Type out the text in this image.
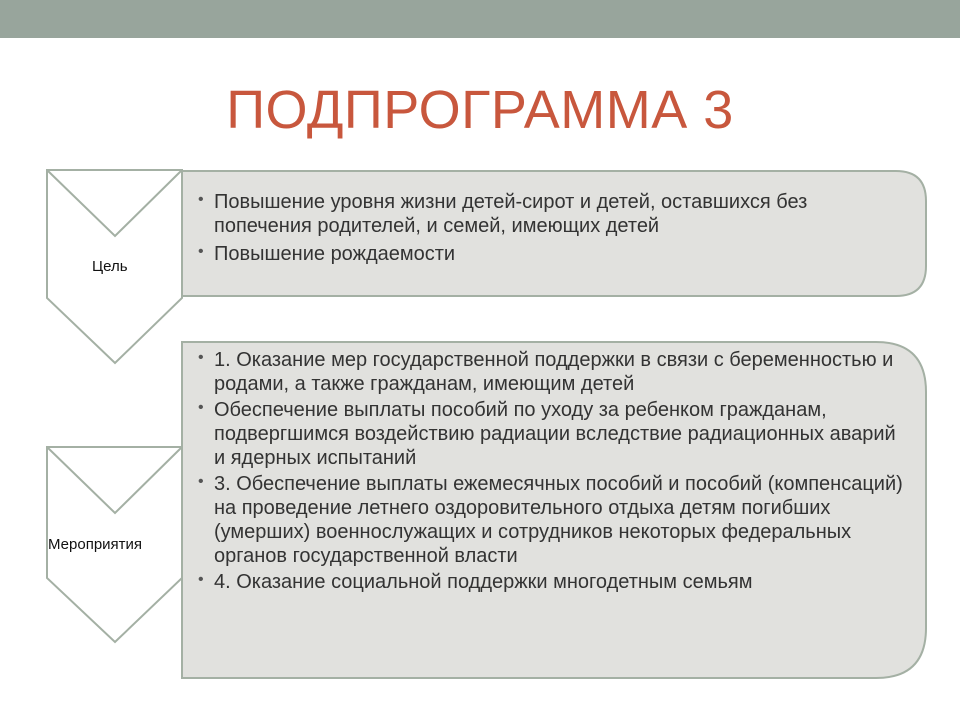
ПОДПРОГРАММА 3
Цель
Мероприятия
• Повышение уровня жизни детей-сирот и детей, оставшихся без попечения родителей, и семей, имеющих детей
• Повышение рождаемости
• 1. Оказание мер государственной поддержки в связи с беременностью и родами, а также гражданам, имеющим детей
• Обеспечение выплаты пособий по уходу за ребенком гражданам, подвергшимся воздействию радиации вследствие радиационных аварий и ядерных испытаний
• 3. Обеспечение выплаты ежемесячных пособий и пособий (компенсаций) на проведение летнего оздоровительного отдыха детям погибших (умерших) военнослужащих и сотрудников некоторых федеральных органов государственной власти
• 4. Оказание социальной поддержки многодетным семьям
